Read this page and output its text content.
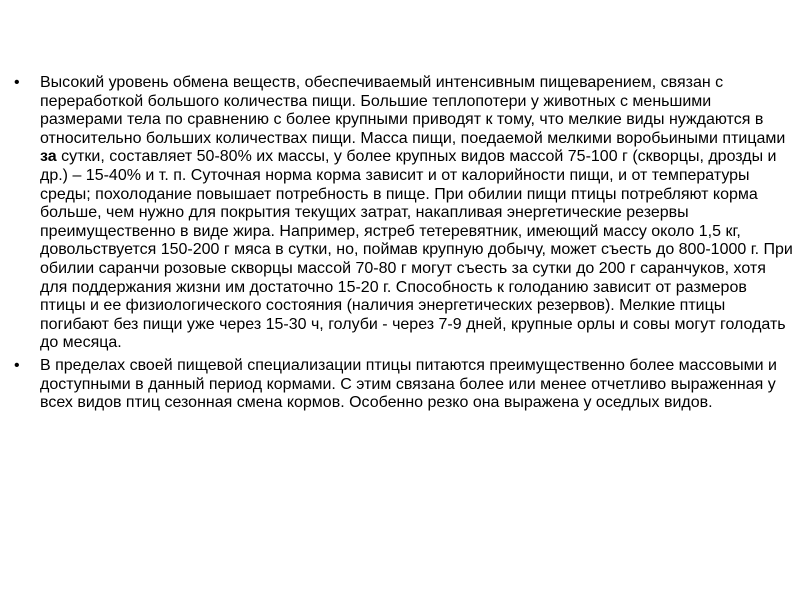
•	Высокий уровень обмена веществ, обеспечиваемый интенсивным пищеварением, связан с переработкой большого количества пищи. Большие теплопотери у животных с меньшими размерами тела по сравнению с более крупными приводят к тому, что мелкие виды нуждаются в относительно больших количествах пищи. Масса пищи, поедаемой мелкими воробьиными птицами за сутки, составляет 50-80% их массы, у более крупных видов массой 75-100 г (скворцы, дрозды и др.) – 15-40% и т. п. Суточная норма корма зависит и от калорийности пищи, и от температуры среды; похолодание повышает потребность в пище. При обилии пищи птицы потребляют корма больше, чем нужно для покрытия текущих затрат, накапливая энергетические резервы преимущественно в виде жира. Например, ястреб тетеревятник, имеющий массу около 1,5 кг, довольствуется 150-200 г мяса в сутки, но, поймав крупную добычу, может съесть до 800-1000 г. При обилии саранчи розовые скворцы массой 70-80 г могут съесть за сутки до 200 г саранчуков, хотя для поддержания жизни им достаточно 15-20 г. Способность к голоданию зависит от размеров птицы и ее физиологического состояния (наличия энергетических резервов). Мелкие птицы погибают без пищи уже через 15-30 ч, голуби - через 7-9 дней, крупные орлы и совы могут голодать до месяца.
•	В пределах своей пищевой специализации птицы питаются преимущественно более массовыми и доступными в данный период кормами. С этим связана более или менее отчетливо выраженная у всех видов птиц сезонная смена кормов. Особенно резко она выражена у оседлых видов.
